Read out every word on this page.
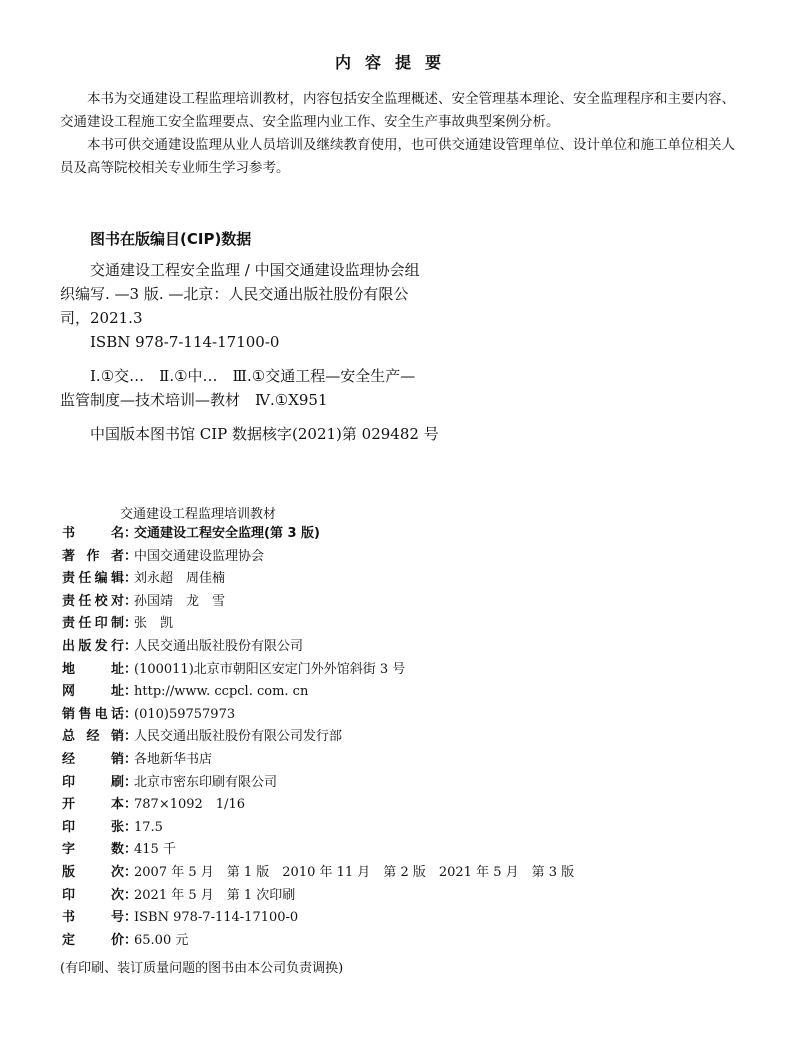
内容提要

本书为交通建设工程监理培训教材，内容包括安全监理概述、安全管理基本理论、安全监理程序和主要内容、交通建设工程施工安全监理要点、安全监理内业工作、安全生产事故典型案例分析。

本书可供交通建设监理从业人员培训及继续教育使用，也可供交通建设管理单位、设计单位和施工单位相关人员及高等院校相关专业师生学习参考。

图书在版编目(CIP)数据
交通建设工程安全监理 / 中国交通建设监理协会组
织编写. —3 版. —北京：人民交通出版社股份有限公
司，2021.3
ISBN 978-7-114-17100-0
Ⅰ.①交…　Ⅱ.①中…　Ⅲ.①交通工程—安全生产—
监管制度—技术培训—教材　Ⅳ.①X951
中国版本图书馆 CIP 数据核字(2021)第 029482 号
交通建设工程监理培训教材
书	名 ：
交通建设工程安全监理(第 3 版)
著 作 者 ：
中国交通建设监理协会
责 任 编 辑 ：
刘永超　周佳楠
责 任 校 对 ：
孙国靖　龙　雪
责 任 印 制 ：
张　凯
出 版 发 行 ：
人民交通出版社股份有限公司
地	址 ：
(100011)北京市朝阳区安定门外外馆斜街 3 号
网	址 ：
http://www. ccpcl. com. cn
销 售 电 话 ：
(010)59757973
总 经 销 ：
人民交通出版社股份有限公司发行部
经	销 ：
各地新华书店
印	刷 ：
北京市密东印刷有限公司
开	本 ：
787×1092　1/16
印	张 ：
17.5
字	数 ：
415 千
版	次 ：
2007 年 5 月　第 1 版　2010 年 11 月　第 2 版　2021 年 5 月　第 3 版
印	次 ：
2021 年 5 月　第 1 次印刷
书	号 ：
ISBN 978-7-114-17100-0
定	价 ：
65.00 元
(有印刷、装订质量问题的图书由本公司负责调换)
